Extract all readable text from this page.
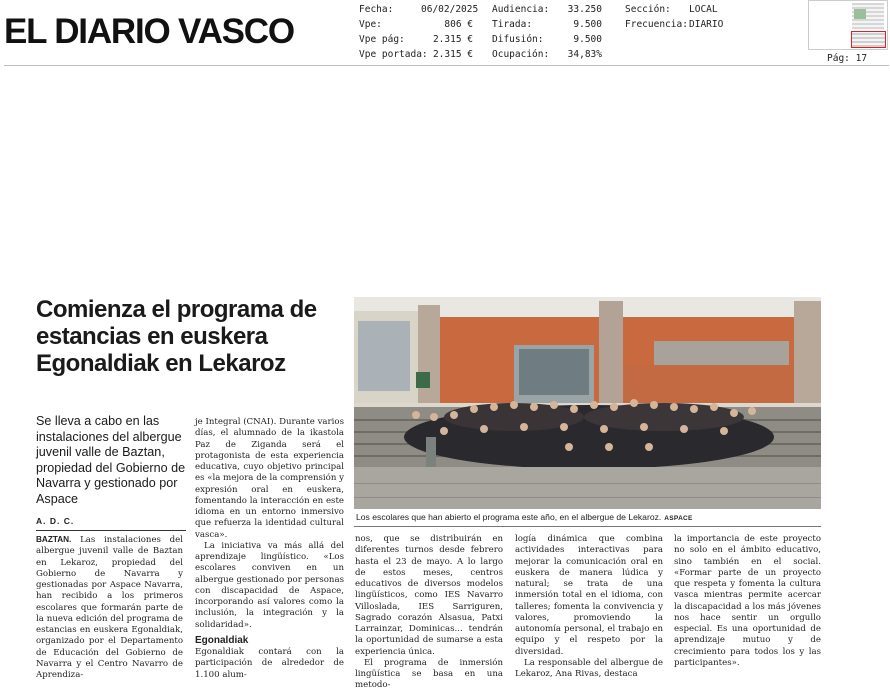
EL DIARIO VASCO
Fecha:	06/02/2025
Vpe:	806 €
Vpe pág:	2.315 €
Vpe portada: 2.315 €
Audiencia: 33.250
Tirada:	9.500
Difusión:	9.500
Ocupación: 34,83%
Sección: LOCAL
Frecuencia:DIARIO
Pág: 17
Comienza el programa de estancias en euskera Egonaldiak en Lekaroz
Se lleva a cabo en las instalaciones del albergue juvenil valle de Baztan, propiedad del Gobierno de Navarra y gestionado por Aspace
A. D. C.

BAZTAN. Las instalaciones del albergue juvenil valle de Baztan en Lekaroz, propiedad del Gobierno de Navarra y gestionadas por Aspace Navarra, han recibido a los primeros escolares que formarán parte de la nueva edición del programa de estancias en euskera Egonaldiak, organizado por el Departamento de Educación del Gobierno de Navarra y el Centro Navarro de Aprendiza-

je Integral (CNAI). Durante varios días, el alumnado de la ikastola Paz de Ziganda será el protagonista de esta experiencia educativa, cuyo objetivo principal es «la mejora de la comprensión y expresión oral en euskera, fomentando la interacción en este idioma en un entorno inmersivo que refuerza la identidad cultural vasca».

La iniciativa va más allá del aprendizaje lingüístico. «Los escolares conviven en un albergue gestionado por personas con discapacidad de Aspace, incorporando así valores como la inclusión, la integración y la solidaridad».

Egonaldiak

Egonaldiak contará con la participación de alrededor de 1.100 alum-

Los escolares que han abierto el programa este año, en el albergue de Lekaroz. ASPACE

nos, que se distribuirán en diferentes turnos desde febrero hasta el 23 de mayo. A lo largo de estos meses, centros educativos de diversos modelos lingüísticos, como IES Navarro Villoslada, IES Sarriguren, Sagrado corazón Alsasua, Patxi Larrainzar, Dominicas... tendrán la oportunidad de sumarse a esta experiencia única.

El programa de inmersión lingüística se basa en una metodo-

logía dinámica que combina actividades interactivas para mejorar la comunicación oral en euskera de manera lúdica y natural; se trata de una inmersión total en el idioma, con talleres; fomenta la convivencia y valores, promoviendo la autonomía personal, el trabajo en equipo y el respeto por la diversidad.

La responsable del albergue de Lekaroz, Ana Rivas, destaca

la importancia de este proyecto no solo en el ámbito educativo, sino también en el social. «Formar parte de un proyecto que respeta y fomenta la cultura vasca mientras permite acercar la discapacidad a los más jóvenes nos hace sentir un orgullo especial. Es una oportunidad de aprendizaje mutuo y de crecimiento para todos los y las participantes».
